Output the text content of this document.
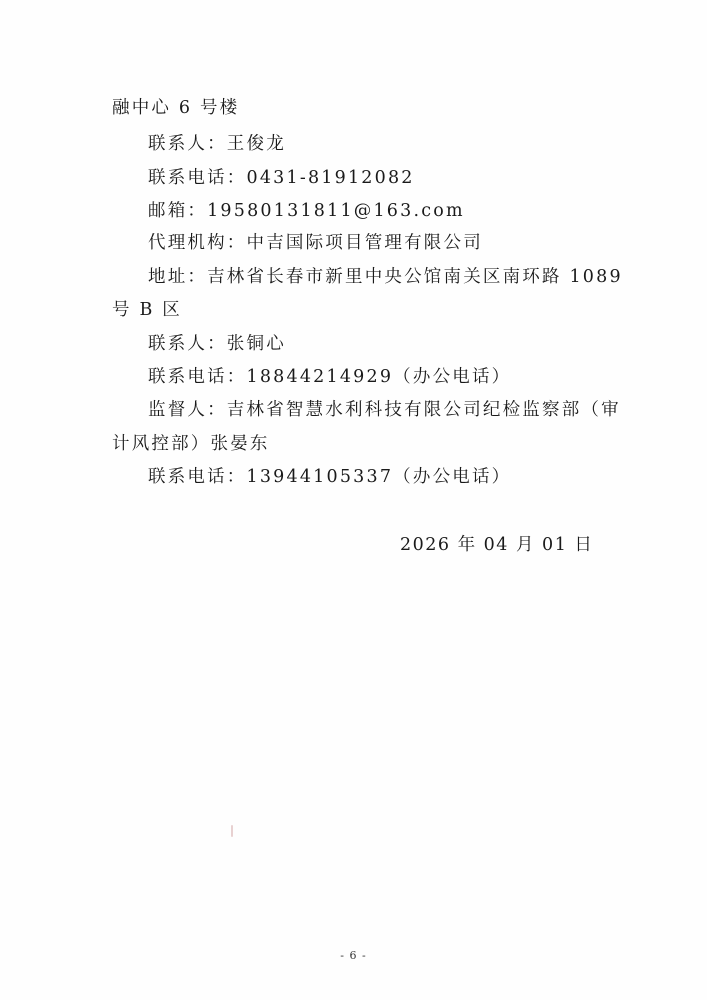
融中心 6 号楼
联系人：王俊龙
联系电话：0431-81912082
邮箱：19580131811@163.com
代理机构：中吉国际项目管理有限公司
地址：吉林省长春市新里中央公馆南关区南环路 1089
号 B 区
联系人：张铜心
联系电话：18844214929（办公电话）
监督人：吉林省智慧水利科技有限公司纪检监察部（审
计风控部）张晏东
联系电话：13944105337（办公电话）
2026 年 04 月 01 日
- 6 -
